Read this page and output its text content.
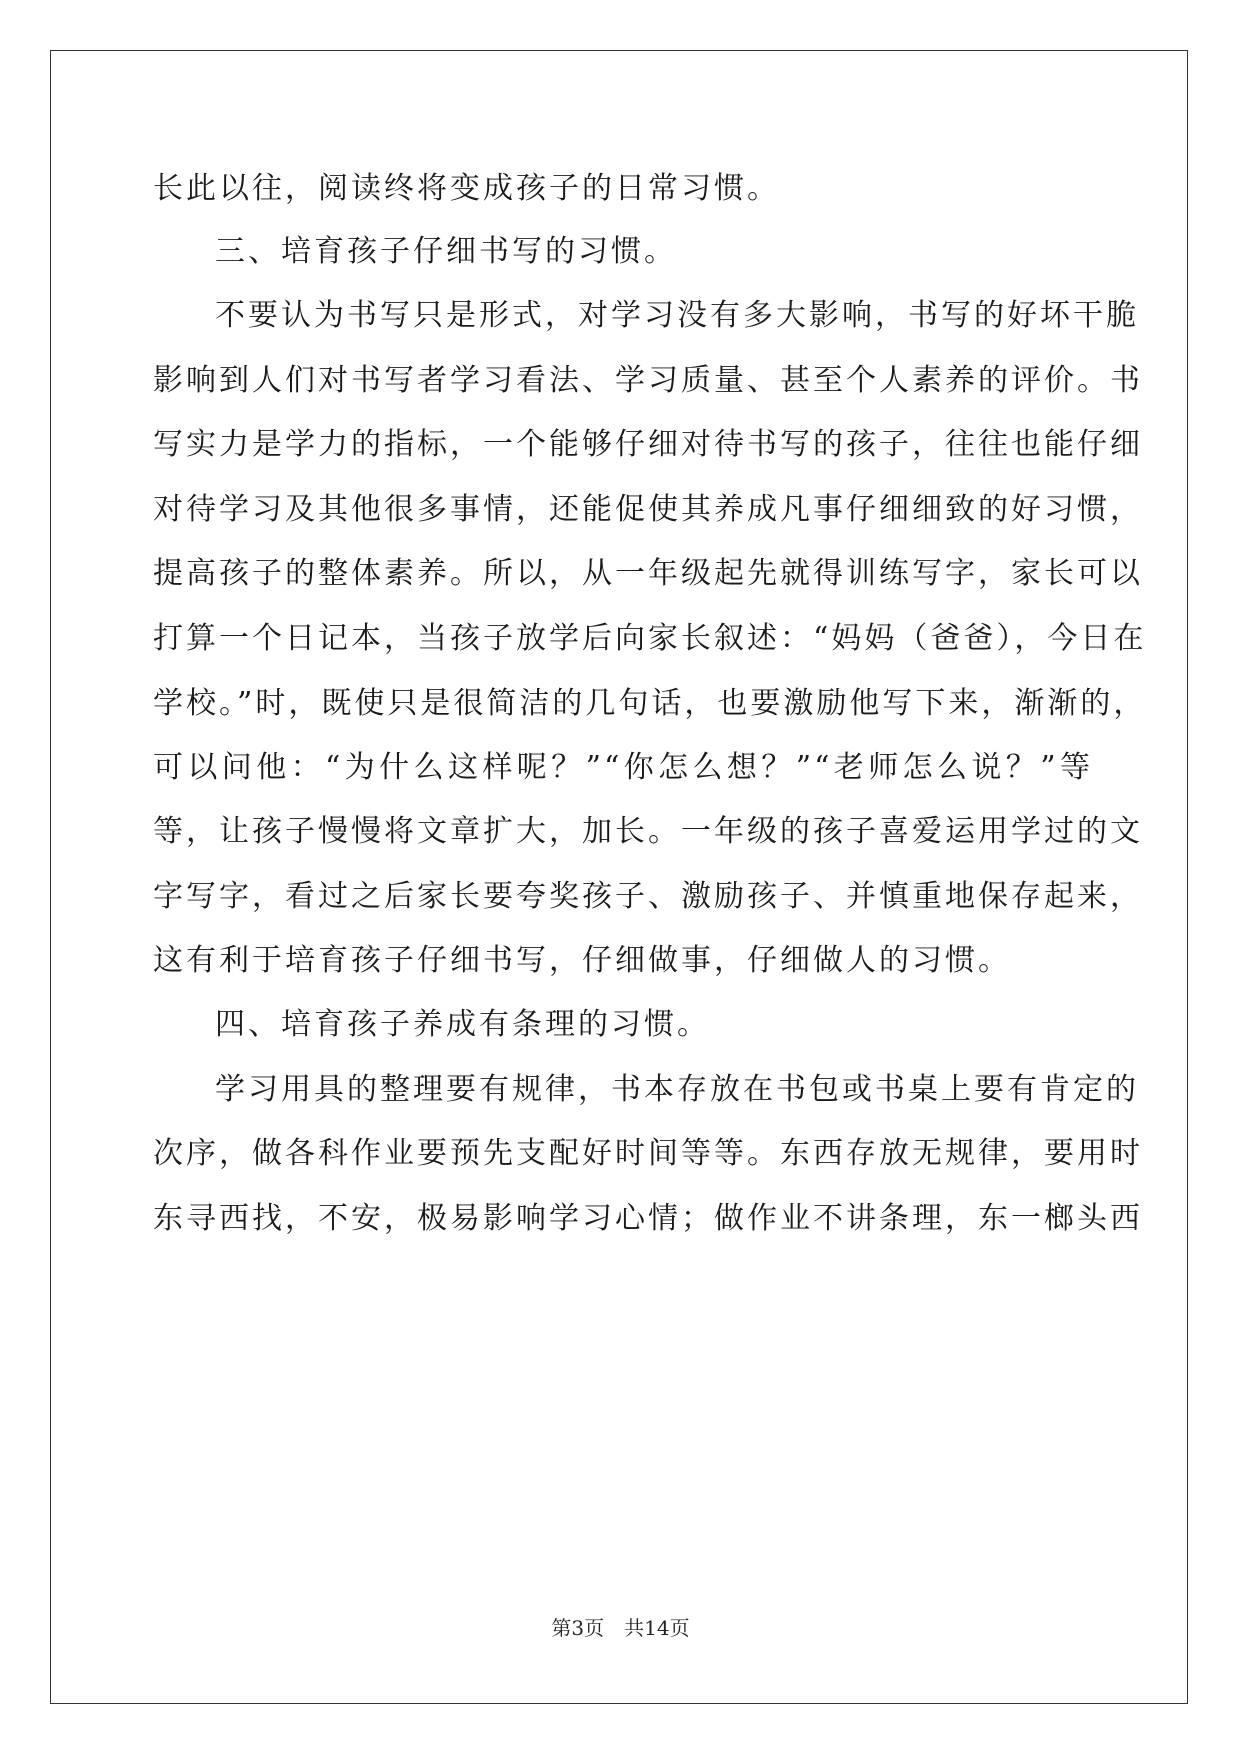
长此以往，阅读终将变成孩子的日常习惯。
三、培育孩子仔细书写的习惯。
不要认为书写只是形式，对学习没有多大影响，书写的好坏干脆
影响到人们对书写者学习看法、学习质量、甚至个人素养的评价。书
写实力是学力的指标，一个能够仔细对待书写的孩子，往往也能仔细
对待学习及其他很多事情，还能促使其养成凡事仔细细致的好习惯，
提高孩子的整体素养。所以，从一年级起先就得训练写字，家长可以
打算一个日记本，当孩子放学后向家长叙述：“妈妈（爸爸），今日在
学校。”时，既使只是很简洁的几句话，也要激励他写下来，渐渐的，
可以问他：“为什么这样呢？”“你怎么想？”“老师怎么说？”等
等，让孩子慢慢将文章扩大，加长。一年级的孩子喜爱运用学过的文
字写字，看过之后家长要夸奖孩子、激励孩子、并慎重地保存起来，
这有利于培育孩子仔细书写，仔细做事，仔细做人的习惯。
四、培育孩子养成有条理的习惯。
学习用具的整理要有规律，书本存放在书包或书桌上要有肯定的
次序，做各科作业要预先支配好时间等等。东西存放无规律，要用时
东寻西找，不安，极易影响学习心情；做作业不讲条理，东一榔头西
第3页 共14页
